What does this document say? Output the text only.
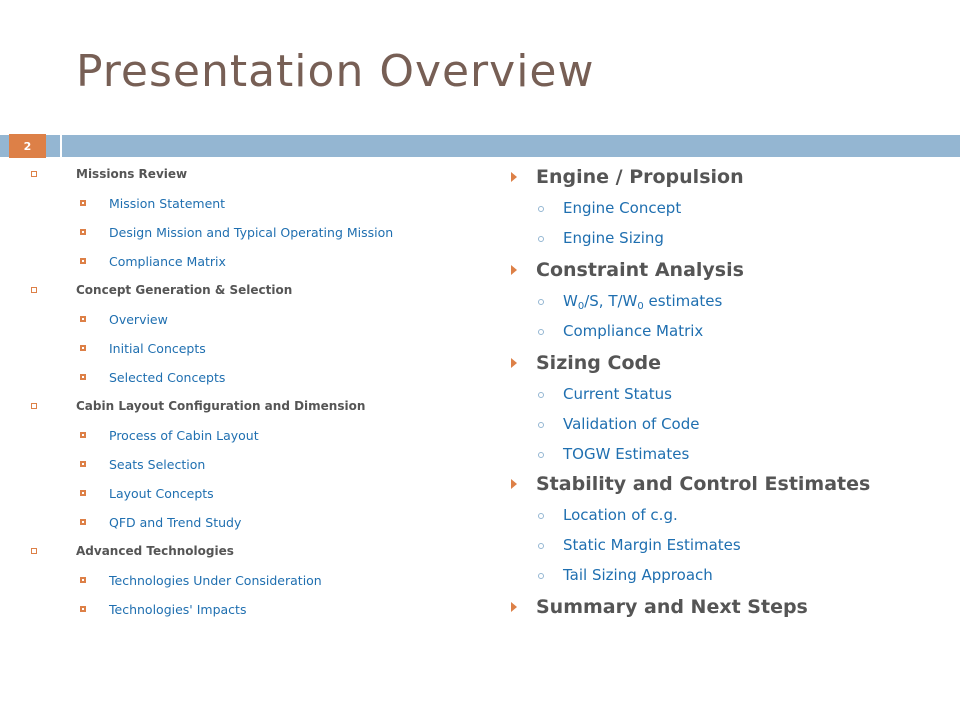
Presentation Overview
2
Missions Review
Mission Statement
Design Mission and Typical Operating Mission
Compliance Matrix
Concept Generation & Selection
Overview
Initial Concepts
Selected Concepts
Cabin Layout Configuration and Dimension
Process of Cabin Layout
Seats Selection
Layout Concepts
QFD and Trend Study
Advanced Technologies
Technologies Under Consideration
Technologies' Impacts
Engine / Propulsion
Engine Concept
Engine Sizing
Constraint Analysis
$W_0/S$, $T/W_0$ estimates
Compliance Matrix
Sizing Code
Current Status
Validation of Code
TOGW Estimates
Stability and Control Estimates
Location of c.g.
Static Margin Estimates
Tail Sizing Approach
Summary and Next Steps
